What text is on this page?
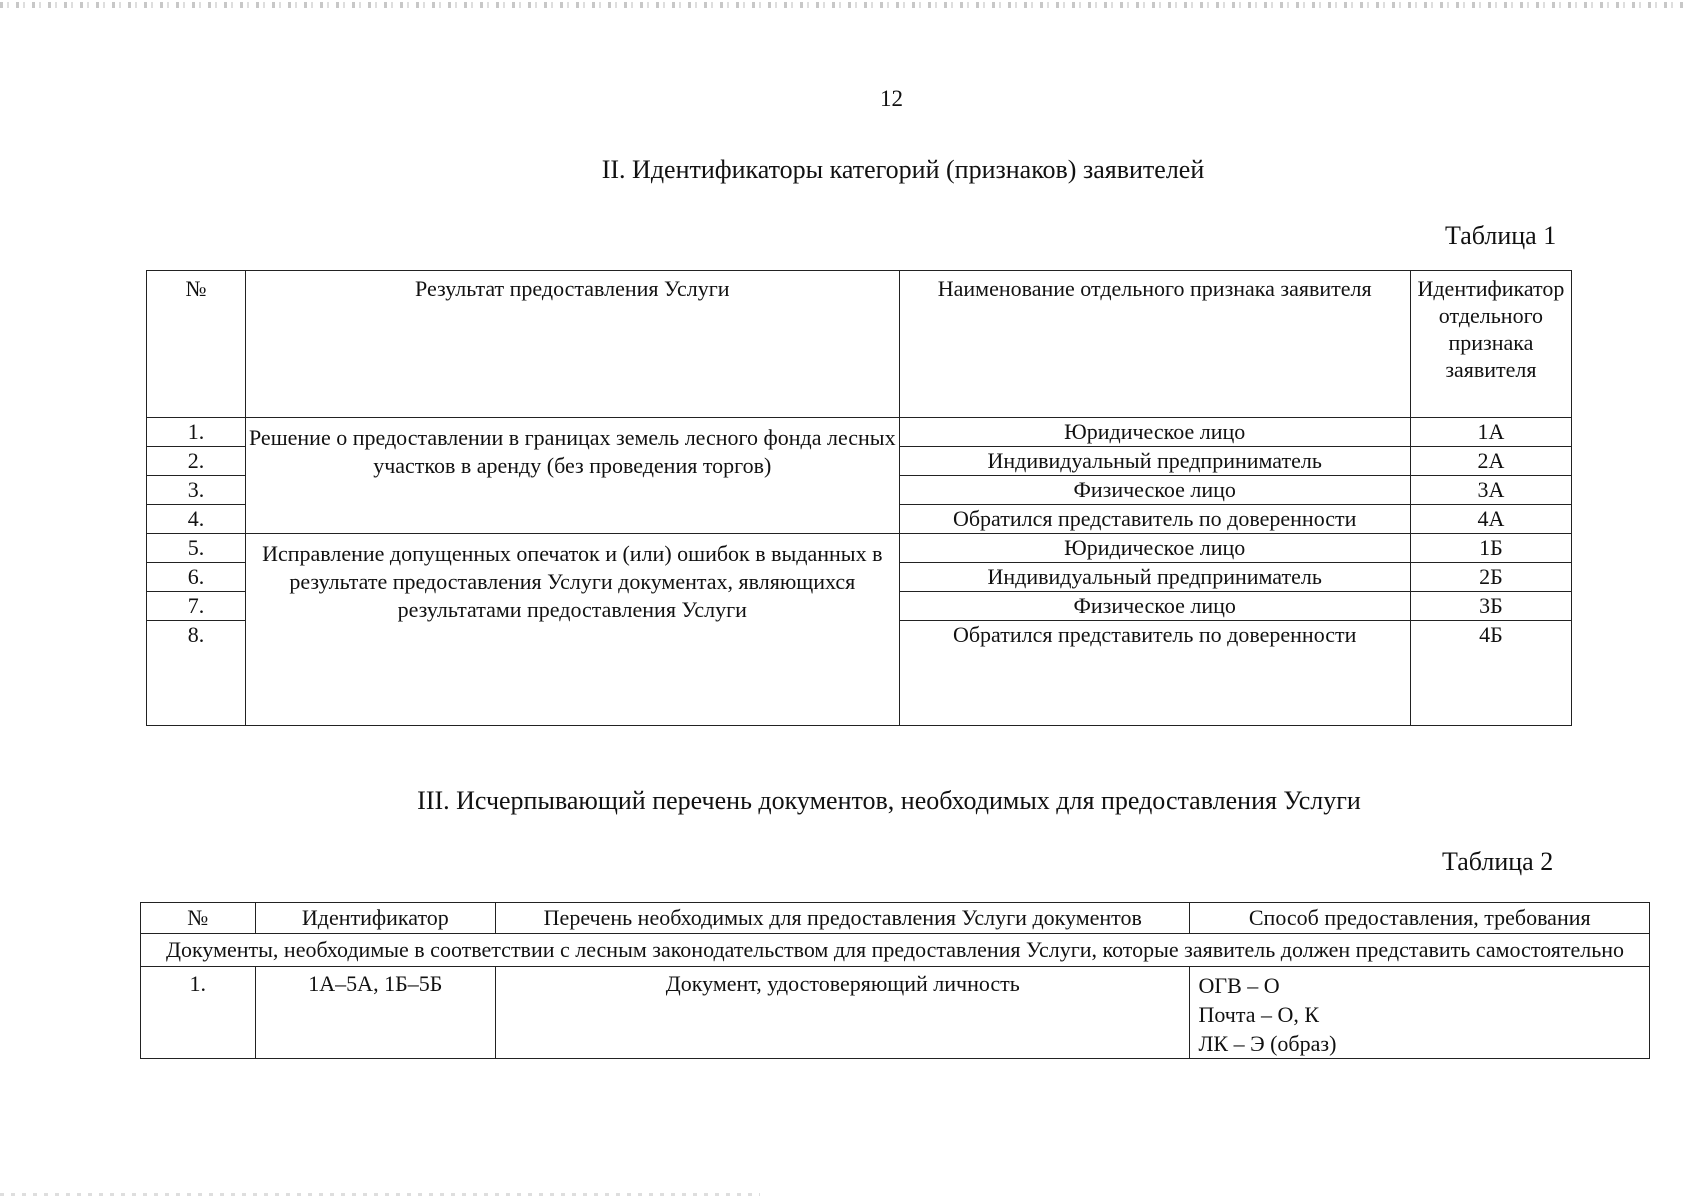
12
II. Идентификаторы категорий (признаков) заявителей
Таблица 1
№	Результат предоставления Услуги	Наименование отдельного признака заявителя	Идентификатор отдельного признака заявителя
1.	Решение о предоставлении в границах земель лесного фонда лесных участков в аренду (без проведения торгов)	Юридическое лицо	1А
2.		Индивидуальный предприниматель	2А
3.		Физическое лицо	3А
4.		Обратился представитель по доверенности	4А
5.	Исправление допущенных опечаток и (или) ошибок в выданных в результате предоставления Услуги документах, являющихся результатами предоставления Услуги	Юридическое лицо	1Б
6.		Индивидуальный предприниматель	2Б
7.		Физическое лицо	3Б
8.		Обратился представитель по доверенности	4Б
III. Исчерпывающий перечень документов, необходимых для предоставления Услуги
Таблица 2
№	Идентификатор	Перечень необходимых для предоставления Услуги документов	Способ предоставления, требования
Документы, необходимые в соответствии с лесным законодательством для предоставления Услуги, которые заявитель должен представить самостоятельно			
1.	1А–5А, 1Б–5Б	Документ, удостоверяющий личность	ОГВ – О
Почта – О, К
ЛК – Э (образ)
